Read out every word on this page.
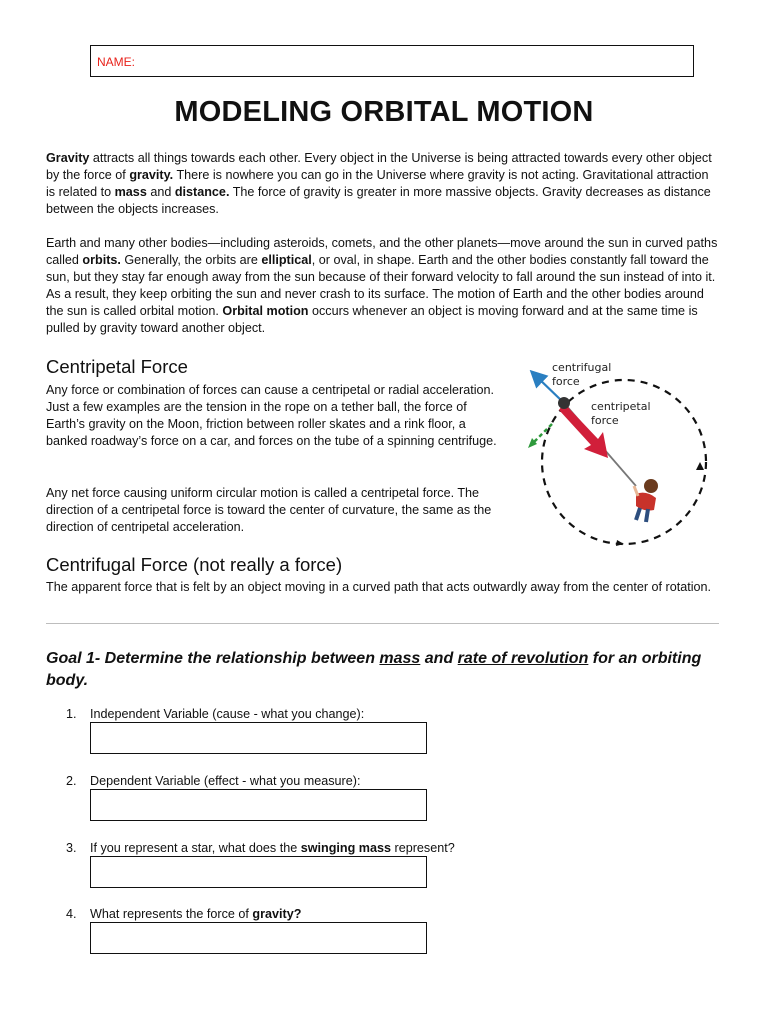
NAME:
MODELING ORBITAL MOTION
Gravity attracts all things towards each other. Every object in the Universe is being attracted towards every other object by the force of gravity. There is nowhere you can go in the Universe where gravity is not acting. Gravitational attraction is related to mass and distance. The force of gravity is greater in more massive objects. Gravity decreases as distance between the objects increases.
Earth and many other bodies—including asteroids, comets, and the other planets—move around the sun in curved paths called orbits. Generally, the orbits are elliptical, or oval, in shape. Earth and the other bodies constantly fall toward the sun, but they stay far enough away from the sun because of their forward velocity to fall around the sun instead of into it. As a result, they keep orbiting the sun and never crash to its surface. The motion of Earth and the other bodies around the sun is called orbital motion. Orbital motion occurs whenever an object is moving forward and at the same time is pulled by gravity toward another object.
Centripetal Force
Any force or combination of forces can cause a centripetal or radial acceleration. Just a few examples are the tension in the rope on a tether ball, the force of Earth’s gravity on the Moon, friction between roller skates and a rink floor, a banked roadway’s force on a car, and forces on the tube of a spinning centrifuge.
Any net force causing uniform circular motion is called a centripetal force. The direction of a centripetal force is toward the center of curvature, the same as the direction of centripetal acceleration.
centrifugal
force
centripetal
force
Centrifugal Force (not really a force)
The apparent force that is felt by an object moving in a curved path that acts outwardly away from the center of rotation.
Goal 1- Determine the relationship between mass and rate of revolution for an orbiting body.
1. Independent Variable (cause - what you change):
2. Dependent Variable (effect - what you measure):
3. If you represent a star, what does the swinging mass represent?
4. What represents the force of gravity?
